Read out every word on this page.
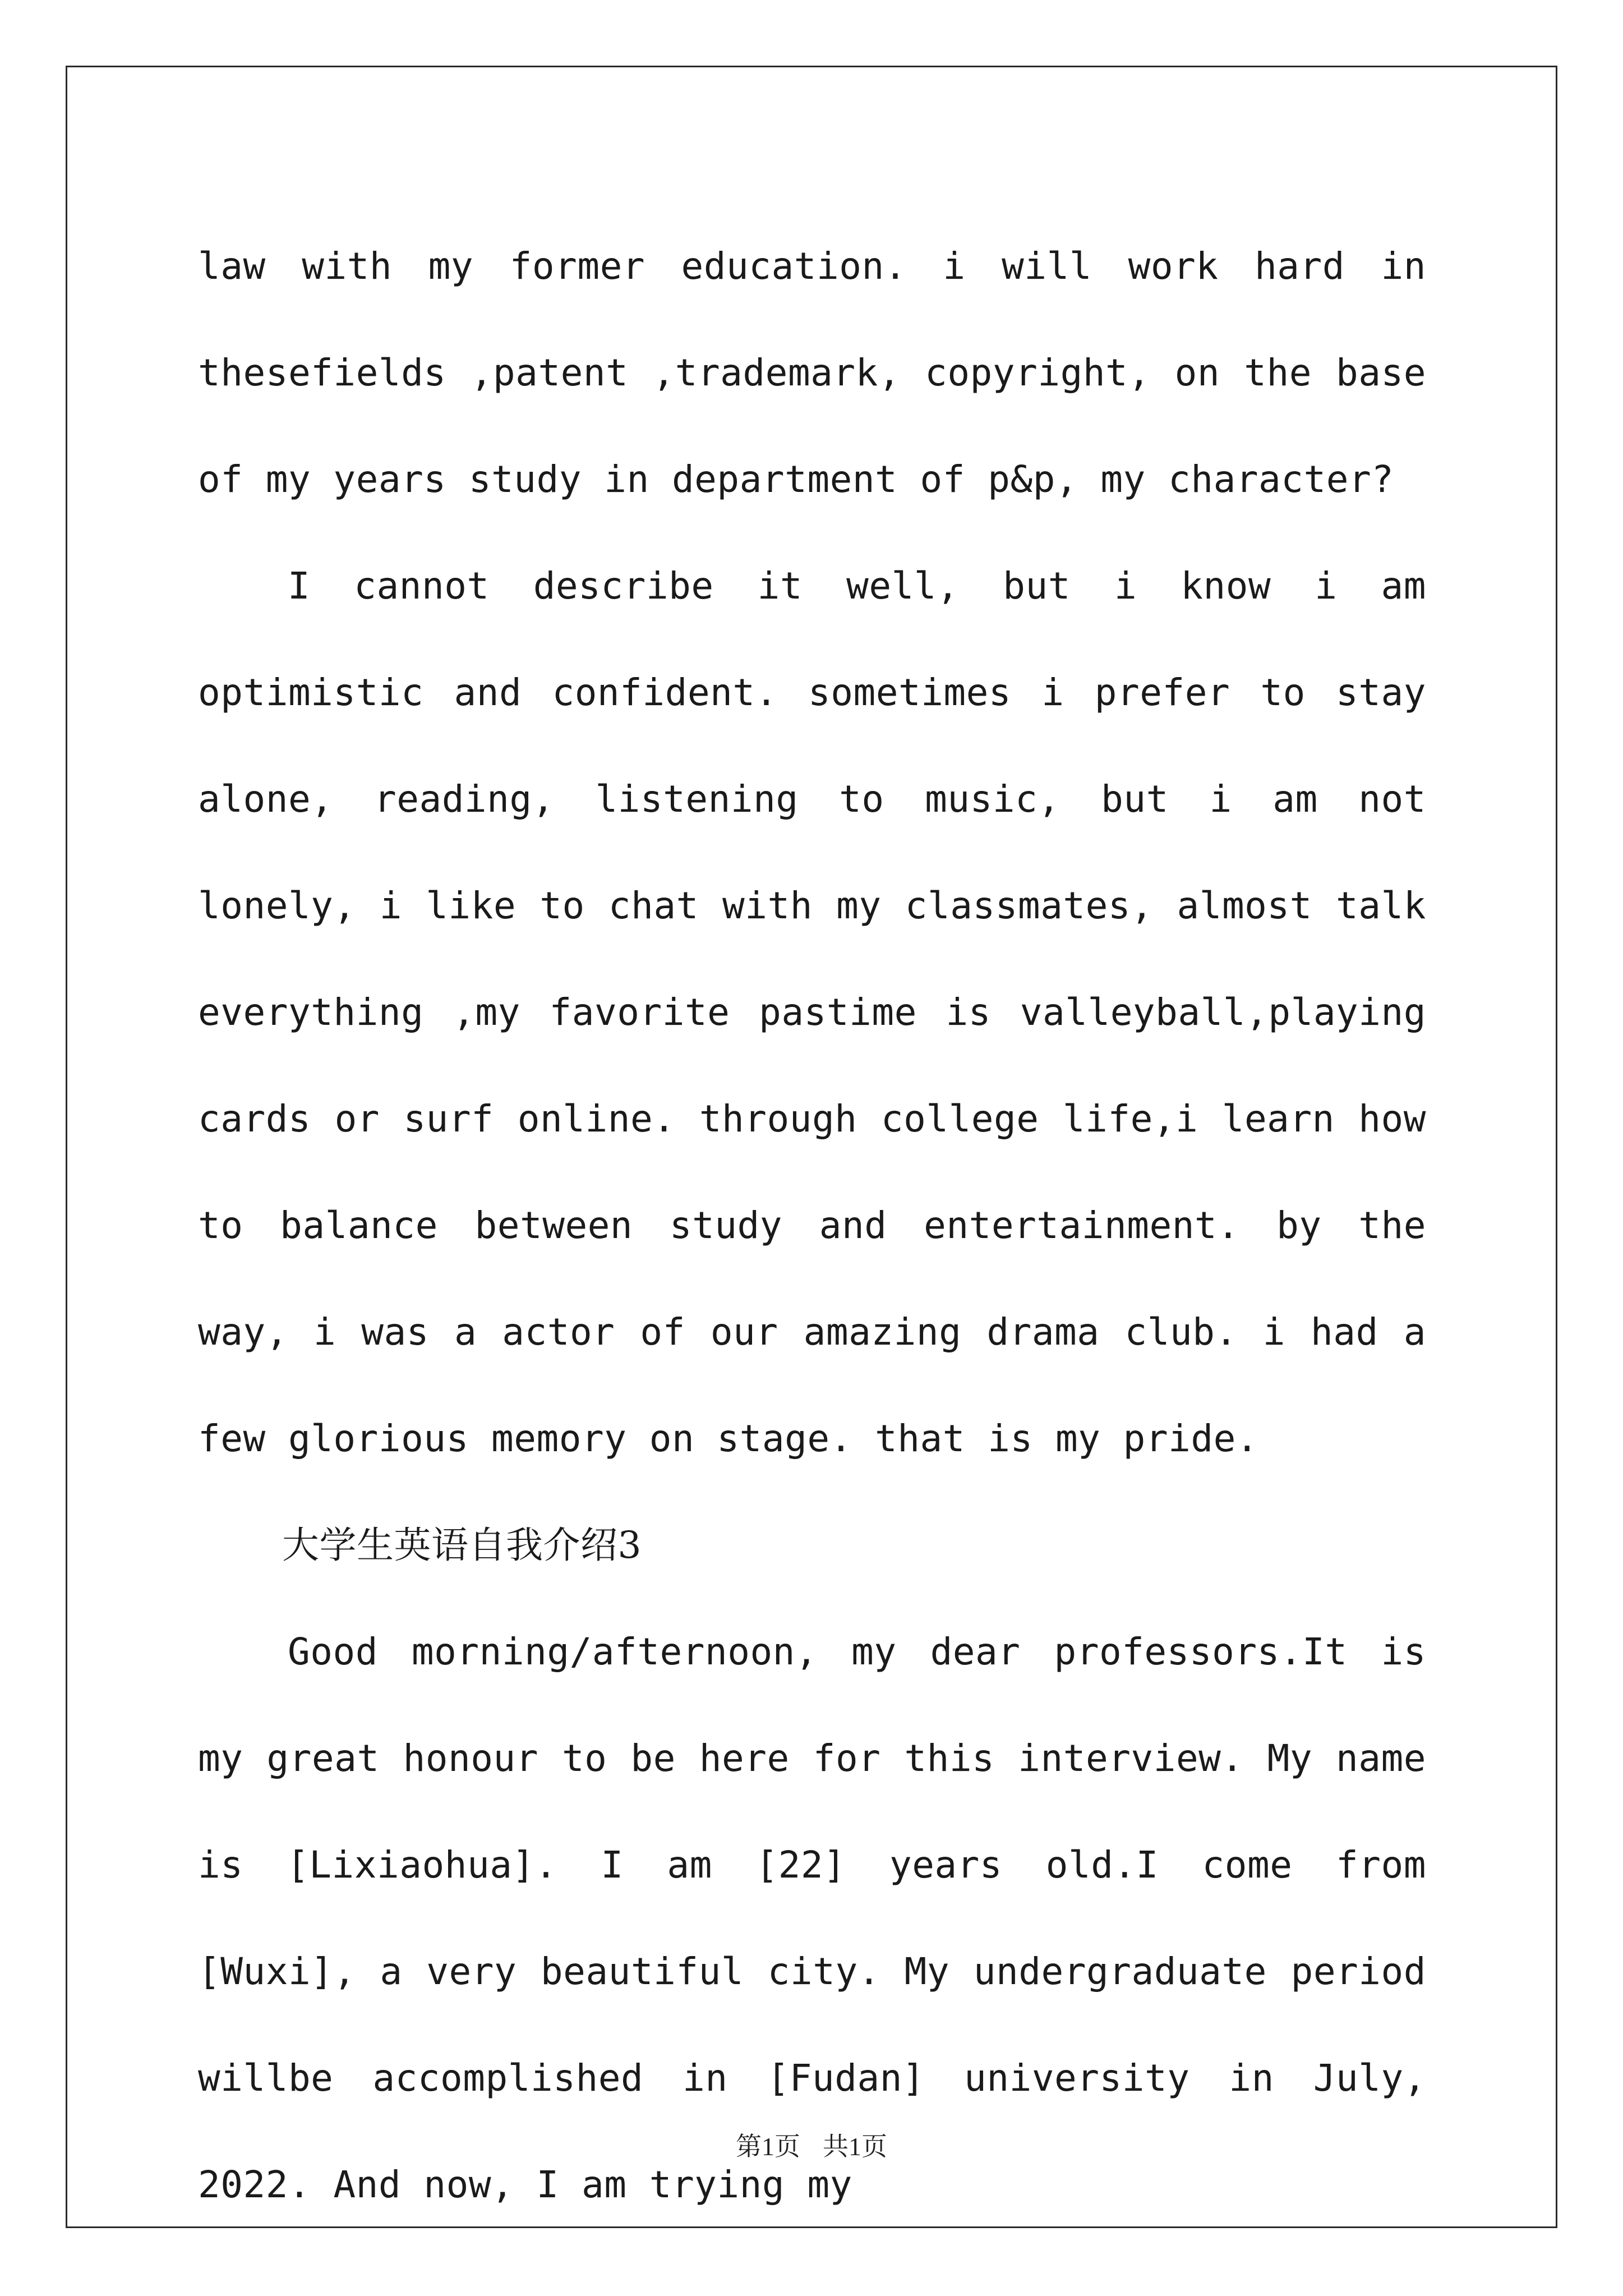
law with my former education. i will work hard in thesefields ,patent ,trademark, copyright, on the base of my years study in department of p&p, my character?

I cannot describe it well, but i know i am optimistic and confident. sometimes i prefer to stay alone, reading, listening to music, but i am not lonely, i like to chat with my classmates, almost talk everything ,my favorite pastime is valleyball,playing cards or surf online. through college life,i learn how to balance between study and entertainment. by the way, i was a actor of our amazing drama club. i had a few glorious memory on stage. that is my pride.

大学生英语自我介绍3

Good morning/afternoon, my dear professors.It is my great honour to be here for this interview. My name is [Lixiaohua]. I am [22] years old.I come from [Wuxi], a very beautiful city. My undergraduate period willbe accomplished in [Fudan] university in July, 2022. And now, I am trying my

第1页 共1页
